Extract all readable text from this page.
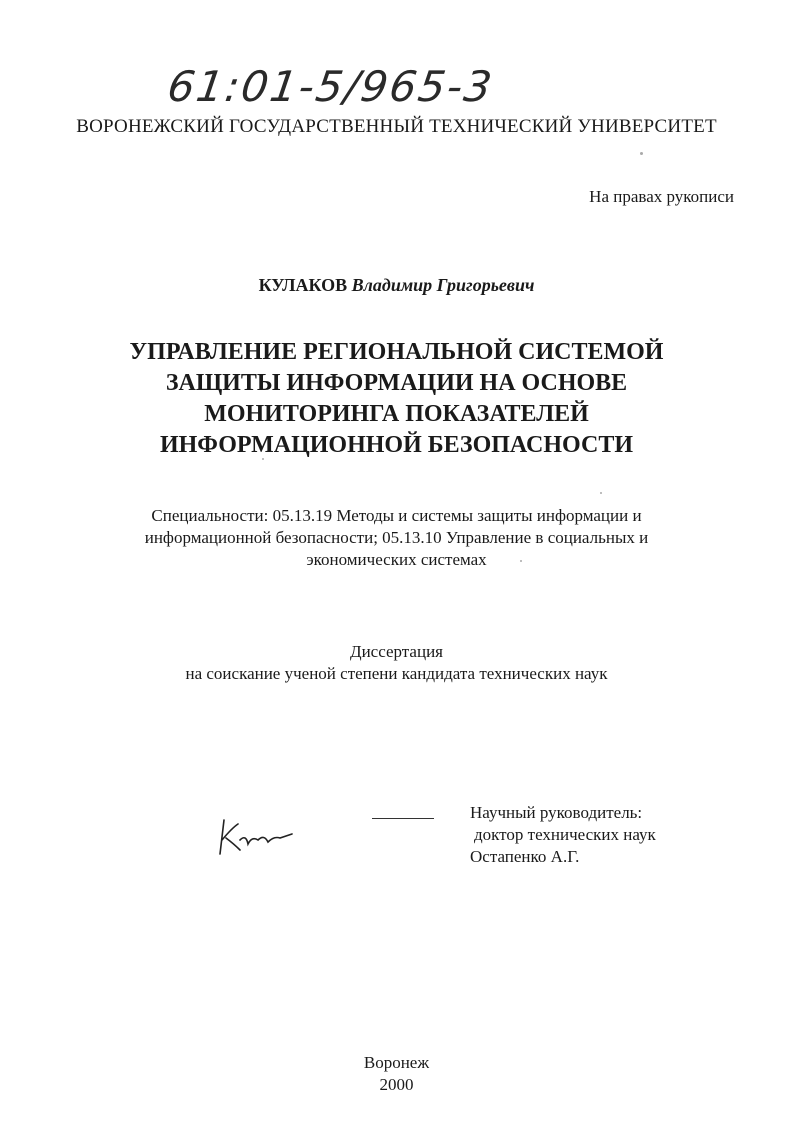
61:01-5/965-3
ВОРОНЕЖСКИЙ ГОСУДАРСТВЕННЫЙ ТЕХНИЧЕСКИЙ УНИВЕРСИТЕТ
На правах рукописи
КУЛАКОВ Владимир Григорьевич
УПРАВЛЕНИЕ РЕГИОНАЛЬНОЙ СИСТЕМОЙ
ЗАЩИТЫ ИНФОРМАЦИИ НА ОСНОВЕ
МОНИТОРИНГА ПОКАЗАТЕЛЕЙ
ИНФОРМАЦИОННОЙ БЕЗОПАСНОСТИ
Специальности: 05.13.19 Методы и системы защиты информации и
информационной безопасности; 05.13.10 Управление в социальных и
экономических системах
Диссертация
на соискание ученой степени кандидата технических наук
Научный руководитель:
доктор технических наук
Остапенко А.Г.
Воронеж
2000
